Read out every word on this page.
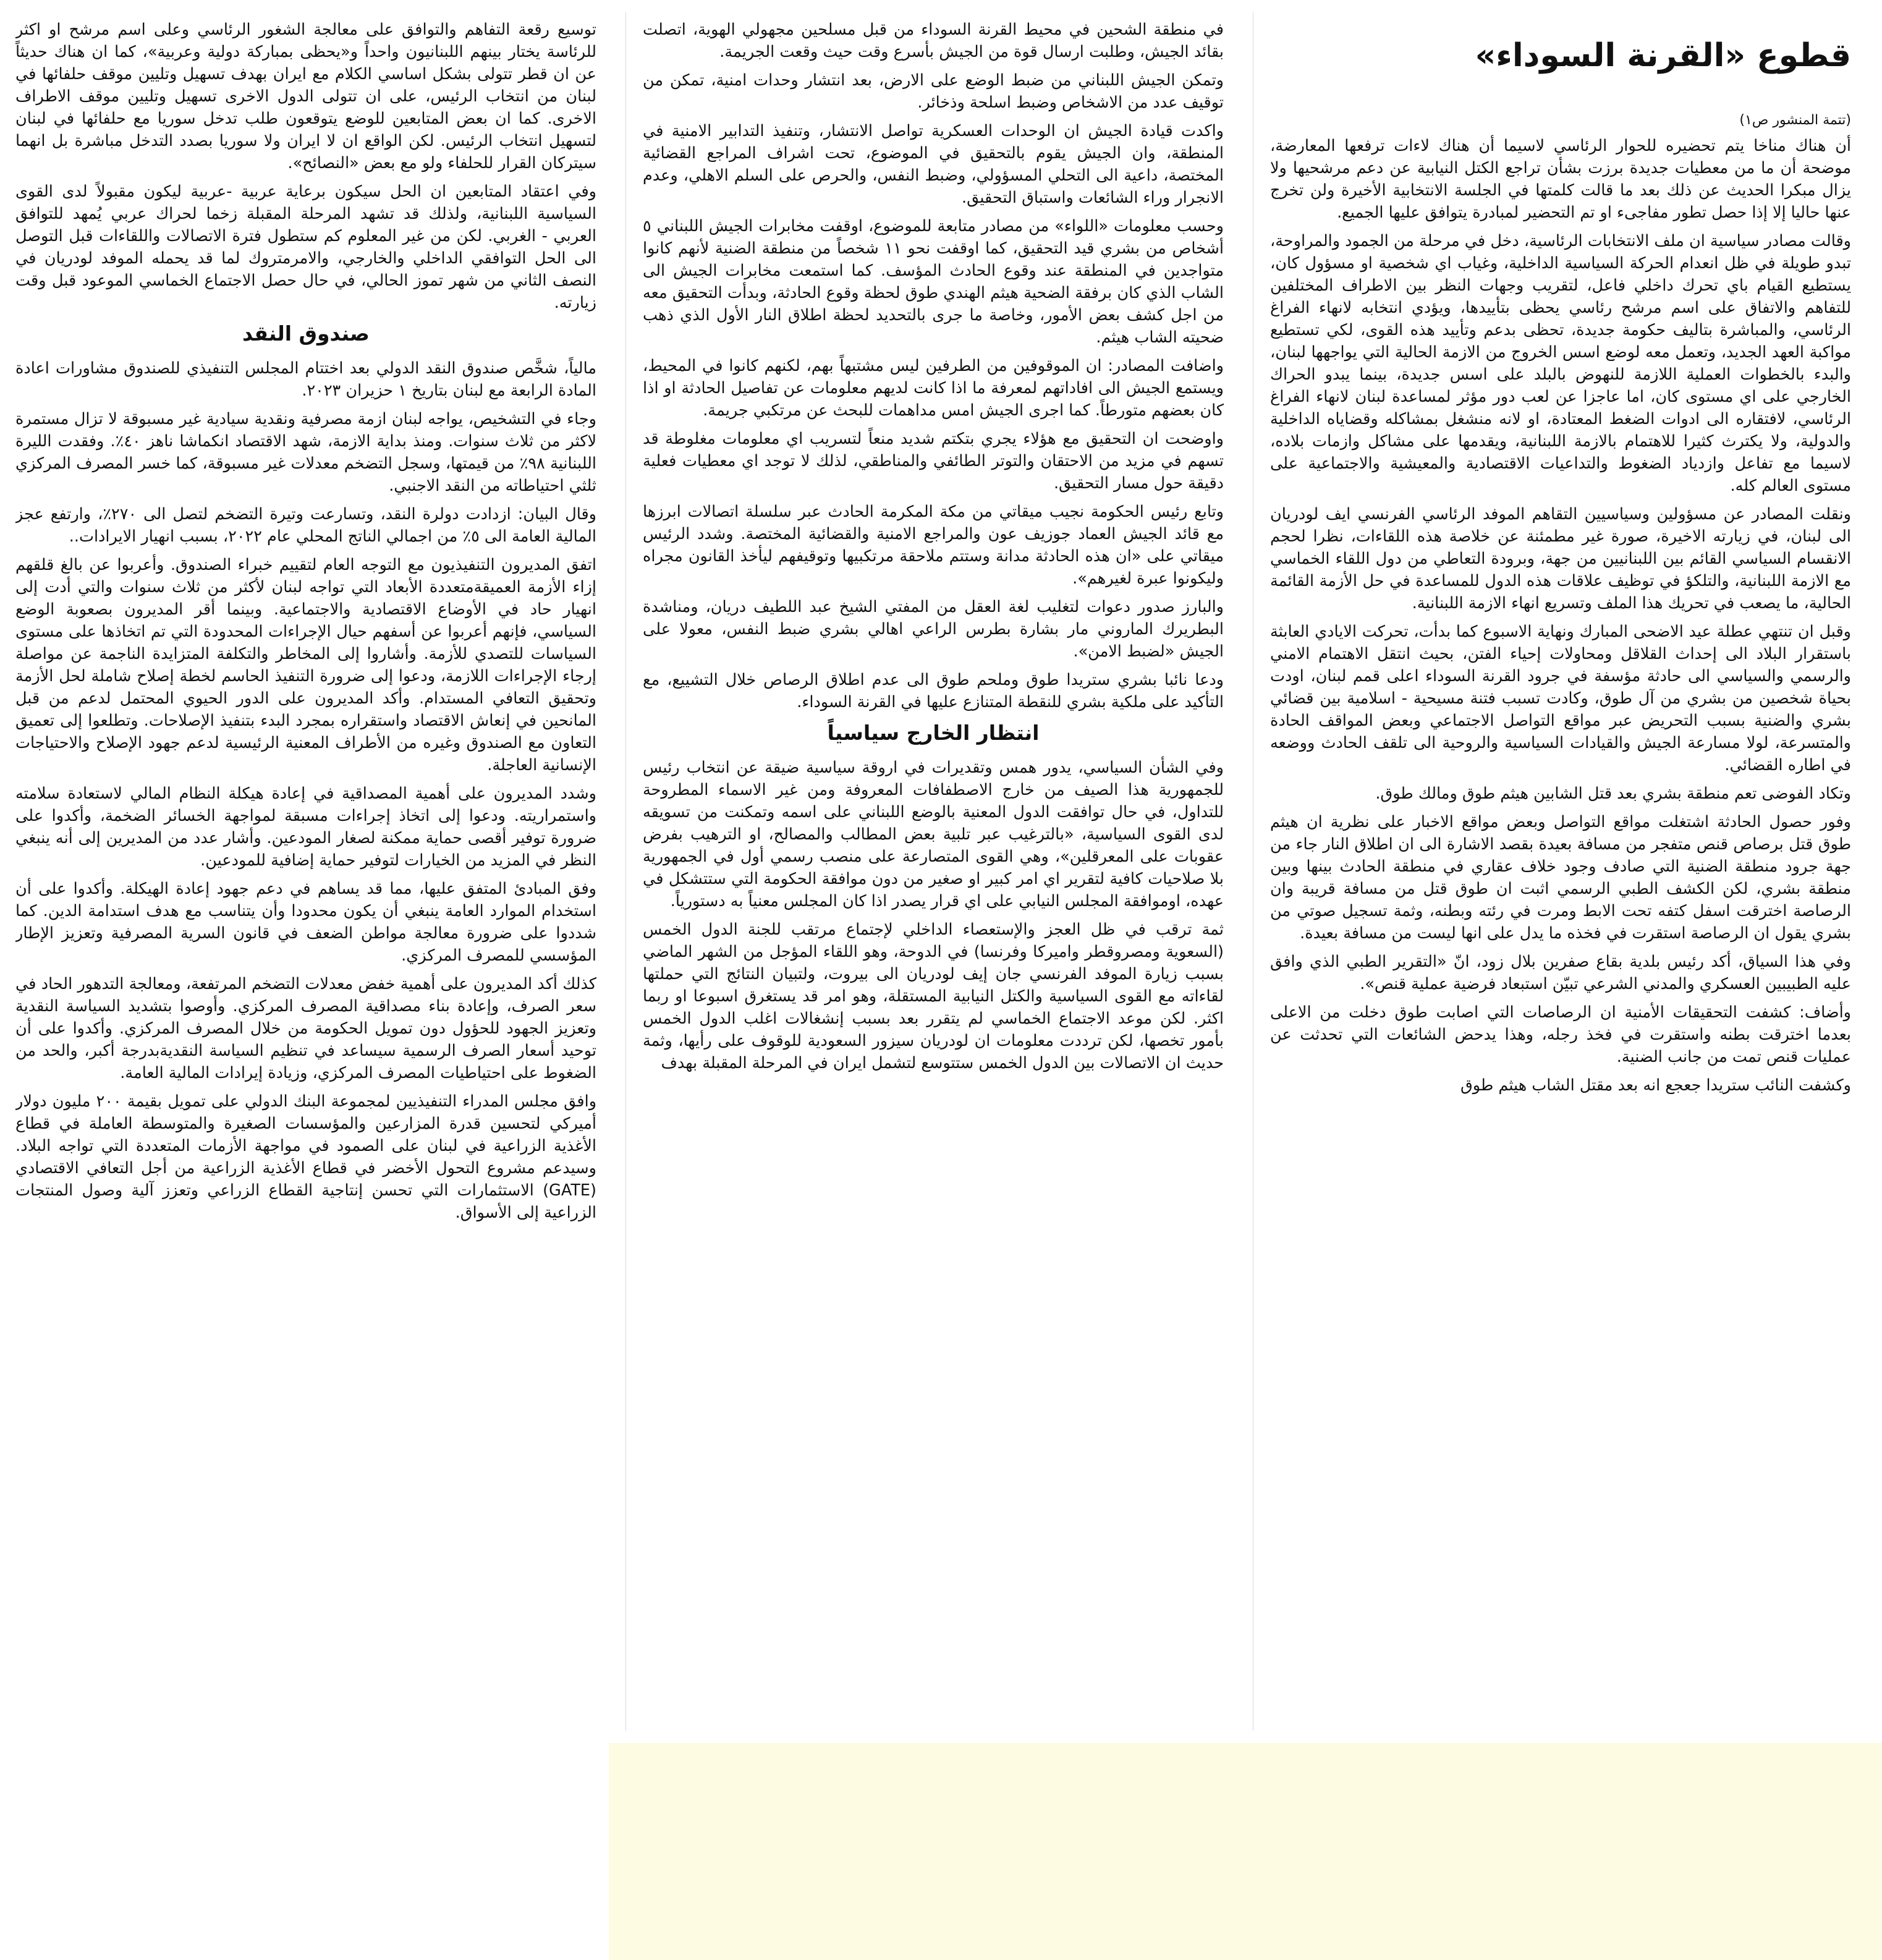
قطوع «القرنة السوداء»
(تتمة المنشور ص١)

أن هناك مناخا يتم تحضيره للحوار الرئاسي لاسيما أن هناك لاءات ترفعها المعارضة، موضحة أن ما من معطيات جديدة برزت بشأن تراجع الكتل النيابية عن دعم مرشحيها ولا يزال مبكرا الحديث عن ذلك بعد ما قالت كلمتها في الجلسة الانتخابية الأخيرة ولن تخرج عنها حاليا إلا إذا حصل تطور مفاجىء او تم التحضير لمبادرة يتوافق عليها الجميع.

وقالت مصادر سياسية ان ملف الانتخابات الرئاسية، دخل في مرحلة من الجمود والمراوحة، تبدو طويلة في ظل انعدام الحركة السياسية الداخلية، وغياب اي شخصية او مسؤول كان، يستطيع القيام باي تحرك داخلي فاعل، لتقريب وجهات النظر بين الاطراف المختلفين للتفاهم والاتفاق على اسم مرشح رئاسي يحظى بتأييدها، ويؤدي انتخابه لانهاء الفراغ الرئاسي، والمباشرة بتاليف حكومة جديدة، تحظى بدعم وتأييد هذه القوى، لكي تستطيع مواكبة العهد الجديد، وتعمل معه لوضع اسس الخروج من الازمة الحالية التي يواجهها لبنان، والبدء بالخطوات العملية اللازمة للنهوض بالبلد على اسس جديدة، بينما يبدو الحراك الخارجي على اي مستوى كان، اما عاجزا عن لعب دور مؤثر لمساعدة لبنان لانهاء الفراغ الرئاسي، لافتقاره الى ادوات الضغط المعتادة، او لانه منشغل بمشاكله وقضاياه الداخلية والدولية، ولا يكترث كثيرا للاهتمام بالازمة اللبنانية، ويقدمها على مشاكل وازمات بلاده، لاسيما مع تفاعل وازدياد الضغوط والتداعيات الاقتصادية والمعيشية والاجتماعية على مستوى العالم كله.

ونقلت المصادر عن مسؤولين وسياسيين التقاهم الموفد الرئاسي الفرنسي ايف لودريان الى لبنان، في زيارته الاخيرة، صورة غير مطمئنة عن خلاصة هذه اللقاءات، نظرا لحجم الانقسام السياسي القائم بين اللبنانيين من جهة، وبرودة التعاطي من دول اللقاء الخماسي مع الازمة اللبنانية، والتلكؤ في توظيف علاقات هذه الدول للمساعدة في حل الأزمة القائمة الحالية، ما يصعب في تحريك هذا الملف وتسريع انهاء الازمة اللبنانية.

وقبل ان تنتهي عطلة عيد الاضحى المبارك ونهاية الاسبوع كما بدأت، تحركت الايادي العابثة باستقرار البلاد الى إحداث القلاقل ومحاولات إحياء الفتن، بحيث انتقل الاهتمام الامني والرسمي والسياسي الى حادثة مؤسفة في جرود القرنة السوداء اعلى قمم لبنان، اودت بحياة شخصين من بشري من آل طوق، وكادت تسبب فتنة مسيحية - اسلامية بين قضائي بشري والضنية بسبب التحريض عبر مواقع التواصل الاجتماعي وبعض المواقف الحادة والمتسرعة، لولا مسارعة الجيش والقيادات السياسية والروحية الى تلقف الحادث ووضعه في اطاره القضائي.

وتكاد الفوضى تعم منطقة بشري بعد قتل الشابين هيثم طوق ومالك طوق.

وفور حصول الحادثة اشتغلت مواقع التواصل وبعض مواقع الاخبار على نظرية ان هيثم طوق قتل برصاص قنص متفجر من مسافة بعيدة بقصد الاشارة الى ان اطلاق النار جاء من جهة جرود منطقة الضنية التي صادف وجود خلاف عقاري في منطقة الحادث بينها وبين منطقة بشري، لكن الكشف الطبي الرسمي اثبت ان طوق قتل من مسافة قريبة وان الرصاصة اخترقت اسفل كتفه تحت الابط ومرت في رئته وبطنه، وثمة تسجيل صوتي من بشري يقول ان الرصاصة استقرت في فخذه ما يدل على انها ليست من مسافة بعيدة.

وفي هذا السياق، أكد رئيس بلدية بقاع صفرين بلال زود، انّ «التقرير الطبي الذي وافق عليه الطبيبين العسكري والمدني الشرعي تبيّن استبعاد فرضية عملية قنص».

وأضاف: كشفت التحقيقات الأمنية ان الرصاصات التي اصابت طوق دخلت من الاعلى بعدما اخترقت بطنه واستقرت في فخذ رجله، وهذا يدحض الشائعات التي تحدثت عن عمليات قنص تمت من جانب الضنية.

وكشفت النائب ستريدا جعجع انه بعد مقتل الشاب هيثم طوق

في منطقة الشحين في محيط القرنة السوداء من قبل مسلحين مجهولي الهوية، اتصلت بقائد الجيش، وطلبت ارسال قوة من الجيش بأسرع وقت حيث وقعت الجريمة.

وتمكن الجيش اللبناني من ضبط الوضع على الارض، بعد انتشار وحدات امنية، تمكن من توقيف عدد من الاشخاص وضبط اسلحة وذخائر.

واكدت قيادة الجيش ان الوحدات العسكرية تواصل الانتشار، وتنفيذ التدابير الامنية في المنطقة، وان الجيش يقوم بالتحقيق في الموضوع، تحت اشراف المراجع القضائية المختصة، داعية الى التحلي المسؤولي، وضبط النفس، والحرص على السلم الاهلي، وعدم الانجرار وراء الشائعات واستباق التحقيق.

وحسب معلومات «اللواء» من مصادر متابعة للموضوع، اوقفت مخابرات الجيش اللبناني ٥ أشخاص من بشري قيد التحقيق، كما اوقفت نحو ١١ شخصاً من منطقة الضنية لأنهم كانوا متواجدين في المنطقة عند وقوع الحادث المؤسف. كما استمعت مخابرات الجيش الى الشاب الذي كان برفقة الضحية هيثم الهندي طوق لحظة وقوع الحادثة، وبدأت التحقيق معه من اجل كشف بعض الأمور، وخاصة ما جرى بالتحديد لحظة اطلاق النار الأول الذي ذهب ضحيته الشاب هيثم.

واضافت المصادر: ان الموقوفين من الطرفين ليس مشتبهاً بهم، لكنهم كانوا في المحيط، ويستمع الجيش الى افاداتهم لمعرفة ما اذا كانت لديهم معلومات عن تفاصيل الحادثة او اذا كان بعضهم متورطاً. كما اجرى الجيش امس مداهمات للبحث عن مرتكبي جريمة.

واوضحت ان التحقيق مع هؤلاء يجري بتكتم شديد منعاً لتسريب اي معلومات مغلوطة قد تسهم في مزيد من الاحتقان والتوتر الطائفي والمناطقي، لذلك لا توجد اي معطيات فعلية دقيقة حول مسار التحقيق.

وتابع رئيس الحكومة نجيب ميقاتي من مكة المكرمة الحادث عبر سلسلة اتصالات ابرزها مع قائد الجيش العماد جوزيف عون والمراجع الامنية والقضائية المختصة. وشدد الرئيس ميقاتي على «ان هذه الحادثة مدانة وستتم ملاحقة مرتكبيها وتوقيفهم ليأخذ القانون مجراه وليكونوا عبرة لغيرهم».

والبارز صدور دعوات لتغليب لغة العقل من المفتي الشيخ عبد اللطيف دريان، ومناشدة البطريرك الماروني مار بشارة بطرس الراعي اهالي بشري ضبط النفس، معولا على الجيش «لضبط الامن».

ودعا نائبا بشري ستريدا طوق وملحم طوق الى عدم اطلاق الرصاص خلال التشييع، مع التأكيد على ملكية بشري للنقطة المتنازع عليها في القرنة السوداء.

انتظار الخارج سياسياً

وفي الشأن السياسي، يدور همس وتقديرات في اروقة سياسية ضيقة عن انتخاب رئيس للجمهورية هذا الصيف من خارج الاصطفافات المعروفة ومن غير الاسماء المطروحة للتداول، في حال توافقت الدول المعنية بالوضع اللبناني على اسمه وتمكنت من تسويقه لدى القوى السياسية، «بالترغيب عبر تلبية بعض المطالب والمصالح، او الترهيب بفرض عقوبات على المعرقلين»، وهي القوى المتصارعة على منصب رسمي أول في الجمهورية بلا صلاحيات كافية لتقرير اي امر كبير او صغير من دون موافقة الحكومة التي ستتشكل في عهده، اوموافقة المجلس النيابي على اي قرار يصدر اذا كان المجلس معنياً به دستورياً.

ثمة ترقب في ظل العجز والإستعصاء الداخلي لإجتماع مرتقب للجنة الدول الخمس (السعوية ومصروقطر واميركا وفرنسا) في الدوحة، وهو اللقاء المؤجل من الشهر الماضي بسبب زيارة الموفد الفرنسي جان إيف لودريان الى بيروت، ولتبيان النتائج التي حملتها لقاءاته مع القوى السياسية والكتل النيابية المستقلة، وهو امر قد يستغرق اسبوعا او ربما اكثر. لكن موعد الاجتماع الخماسي لم يتقرر بعد بسبب إنشغالات اغلب الدول الخمس بأمور تخصها، لكن ترددت معلومات ان لودريان سيزور السعودية للوقوف على رأيها، وثمة حديث ان الاتصالات بين الدول الخمس ستتوسع لتشمل ايران في المرحلة المقبلة بهدف

توسيع رقعة التفاهم والتوافق على معالجة الشغور الرئاسي وعلى اسم مرشح او اكثر للرئاسة يختار بينهم اللبنانيون واحداً و«يحظى بمباركة دولية وعربية»، كما ان هناك حديثاً عن ان قطر تتولى بشكل اساسي الكلام مع ايران بهدف تسهيل وتليين موقف حلفائها في لبنان من انتخاب الرئيس، على ان تتولى الدول الاخرى تسهيل وتليين موقف الاطراف الاخرى. كما ان بعض المتابعين للوضع يتوقعون طلب تدخل سوريا مع حلفائها في لبنان لتسهيل انتخاب الرئيس. لكن الواقع ان لا ايران ولا سوريا بصدد التدخل مباشرة بل انهما سيتركان القرار للحلفاء ولو مع بعض «النصائح».

وفي اعتقاد المتابعين ان الحل سيكون برعاية عربية -عربية ليكون مقبولاً لدى القوى السياسية اللبنانية، ولذلك قد تشهد المرحلة المقبلة زخما لحراك عربي يُمهد للتوافق العربي - الغربي. لكن من غير المعلوم كم ستطول فترة الاتصالات واللقاءات قبل التوصل الى الحل التوافقي الداخلي والخارجي، والامرمتروك لما قد يحمله الموفد لودريان في النصف الثاني من شهر تموز الحالي، في حال حصل الاجتماع الخماسي الموعود قبل وقت زيارته.

صندوق النقد

مالياً، شخَّص صندوق النقد الدولي بعد اختتام المجلس التنفيذي للصندوق مشاورات اعادة المادة الرابعة مع لبنان بتاريخ ١ حزيران ٢٠٢٣.

وجاء في التشخيص، يواجه لبنان ازمة مصرفية ونقدية سيادية غير مسبوقة لا تزال مستمرة لاكثر من ثلاث سنوات. ومنذ بداية الازمة، شهد الاقتصاد انكماشا ناهز ٤٠٪. وفقدت الليرة اللبنانية ٩٨٪ من قيمتها، وسجل التضخم معدلات غير مسبوقة، كما خسر المصرف المركزي ثلثي احتياطاته من النقد الاجنبي.

وقال البيان: ازدادت دولرة النقد، وتسارعت وتيرة التضخم لتصل الى ٢٧٠٪، وارتفع عجز المالية العامة الى ٥٪ من اجمالي الناتج المحلي عام ٢٠٢٢، بسبب انهيار الايرادات..

اتفق المديرون التنفيذيون مع التوجه العام لتقييم خبراء الصندوق. وأعربوا عن بالغ قلقهم إزاء الأزمة العميقةمتعددة الأبعاد التي تواجه لبنان لأكثر من ثلاث سنوات والتي أدت إلى انهيار حاد في الأوضاع الاقتصادية والاجتماعية. وبينما أقر المديرون بصعوبة الوضع السياسي، فإنهم أعربوا عن أسفهم حيال الإجراءات المحدودة التي تم اتخاذها على مستوى السياسات للتصدي للأزمة. وأشاروا إلى المخاطر والتكلفة المتزايدة الناجمة عن مواصلة إرجاء الإجراءات اللازمة، ودعوا إلى ضرورة التنفيذ الحاسم لخطة إصلاح شاملة لحل الأزمة وتحقيق التعافي المستدام. وأكد المديرون على الدور الحيوي المحتمل لدعم من قبل المانحين في إنعاش الاقتصاد واستقراره بمجرد البدء بتنفيذ الإصلاحات. وتطلعوا إلى تعميق التعاون مع الصندوق وغيره من الأطراف المعنية الرئيسية لدعم جهود الإصلاح والاحتياجات الإنسانية العاجلة.

وشدد المديرون على أهمية المصداقية في إعادة هيكلة النظام المالي لاستعادة سلامته واستمراريته. ودعوا إلى اتخاذ إجراءات مسبقة لمواجهة الخسائر الضخمة، وأكدوا على ضرورة توفير أقصى حماية ممكنة لصغار المودعين. وأشار عدد من المديرين إلى أنه ينبغي النظر في المزيد من الخيارات لتوفير حماية إضافية للمودعين.

وفق المبادئ المتفق عليها، مما قد يساهم في دعم جهود إعادة الهيكلة. وأكدوا على أن استخدام الموارد العامة ينبغي أن يكون محدودا وأن يتناسب مع هدف استدامة الدين. كما شددوا على ضرورة معالجة مواطن الضعف في قانون السرية المصرفية وتعزيز الإطار المؤسسي للمصرف المركزي.

كذلك أكد المديرون على أهمية خفض معدلات التضخم المرتفعة، ومعالجة التدهور الحاد في سعر الصرف، وإعادة بناء مصداقية المصرف المركزي. وأوصوا بتشديد السياسة النقدية وتعزيز الجهود للحؤول دون تمويل الحكومة من خلال المصرف المركزي. وأكدوا على أن توحيد أسعار الصرف الرسمية سيساعد في تنظيم السياسة النقديةبدرجة أكبر، والحد من الضغوط على احتياطيات المصرف المركزي، وزيادة إيرادات المالية العامة.

وافق مجلس المدراء التنفيذيين لمجموعة البنك الدولي على تمويل بقيمة ٢٠٠ مليون دولار أميركي لتحسين قدرة المزارعين والمؤسسات الصغيرة والمتوسطة العاملة في قطاع الأغذية الزراعية في لبنان على الصمود في مواجهة الأزمات المتعددة التي تواجه البلاد. وسيدعم مشروع التحول الأخضر في قطاع الأغذية الزراعية من أجل التعافي الاقتصادي (GATE) الاستثمارات التي تحسن إنتاجية القطاع الزراعي وتعزز آلية وصول المنتجات الزراعية إلى الأسواق.
